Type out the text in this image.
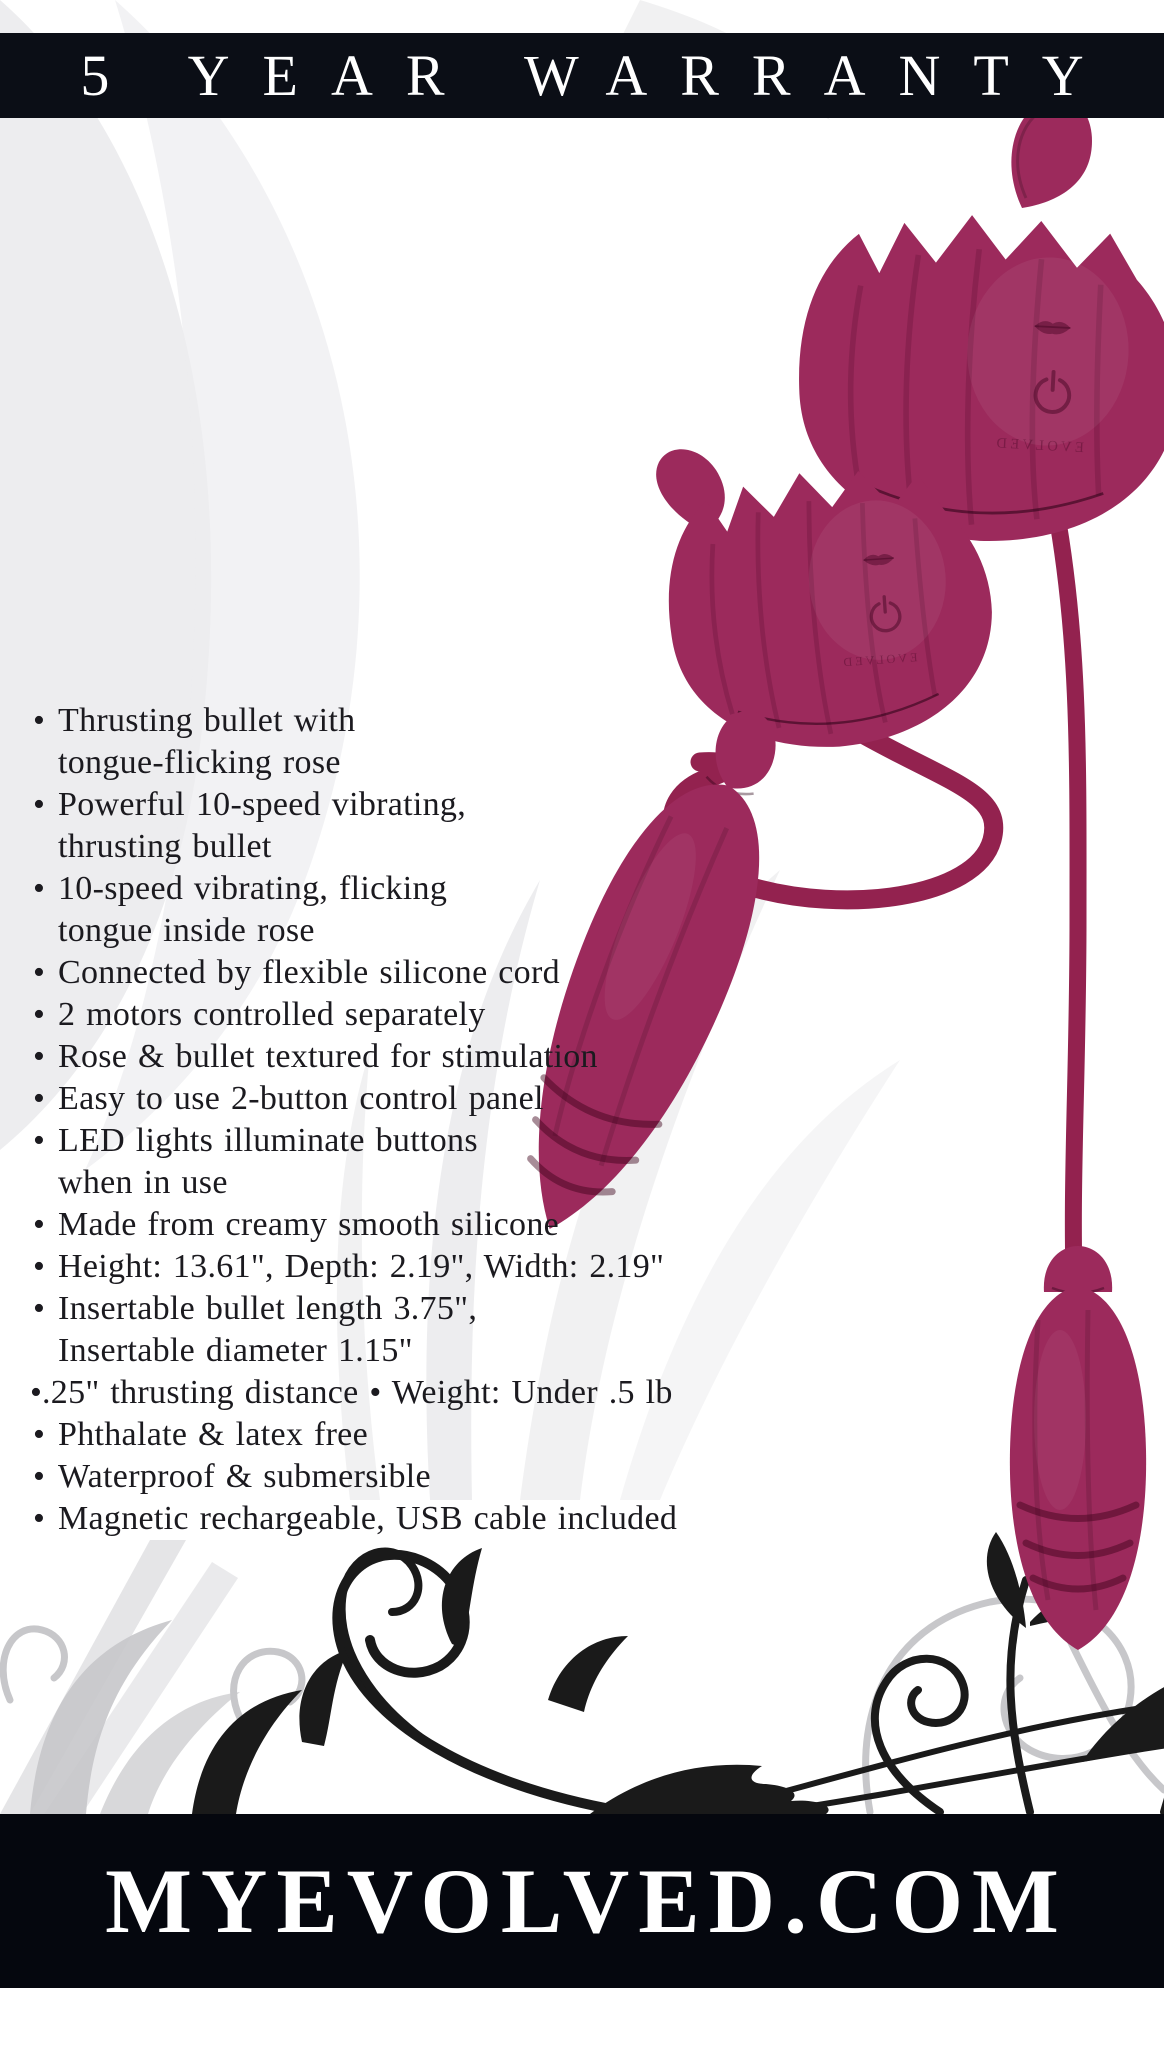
5 YEAR WARRANTY
• Thrusting bullet with
tongue-flicking rose
• Powerful 10-speed vibrating,
thrusting bullet
• 10-speed vibrating, flicking
tongue inside rose
• Connected by flexible silicone cord
• 2 motors controlled separately
• Rose & bullet textured for stimulation
• Easy to use 2-button control panel
• LED lights illuminate buttons
when in use
• Made from creamy smooth silicone
• Height: 13.61", Depth: 2.19", Width: 2.19"
• Insertable bullet length 3.75",
Insertable diameter 1.15"
• .25" thrusting distance • Weight: Under .5 lb
• Phthalate & latex free
• Waterproof & submersible
• Magnetic rechargeable, USB cable included
MYEVOLVED.COM
